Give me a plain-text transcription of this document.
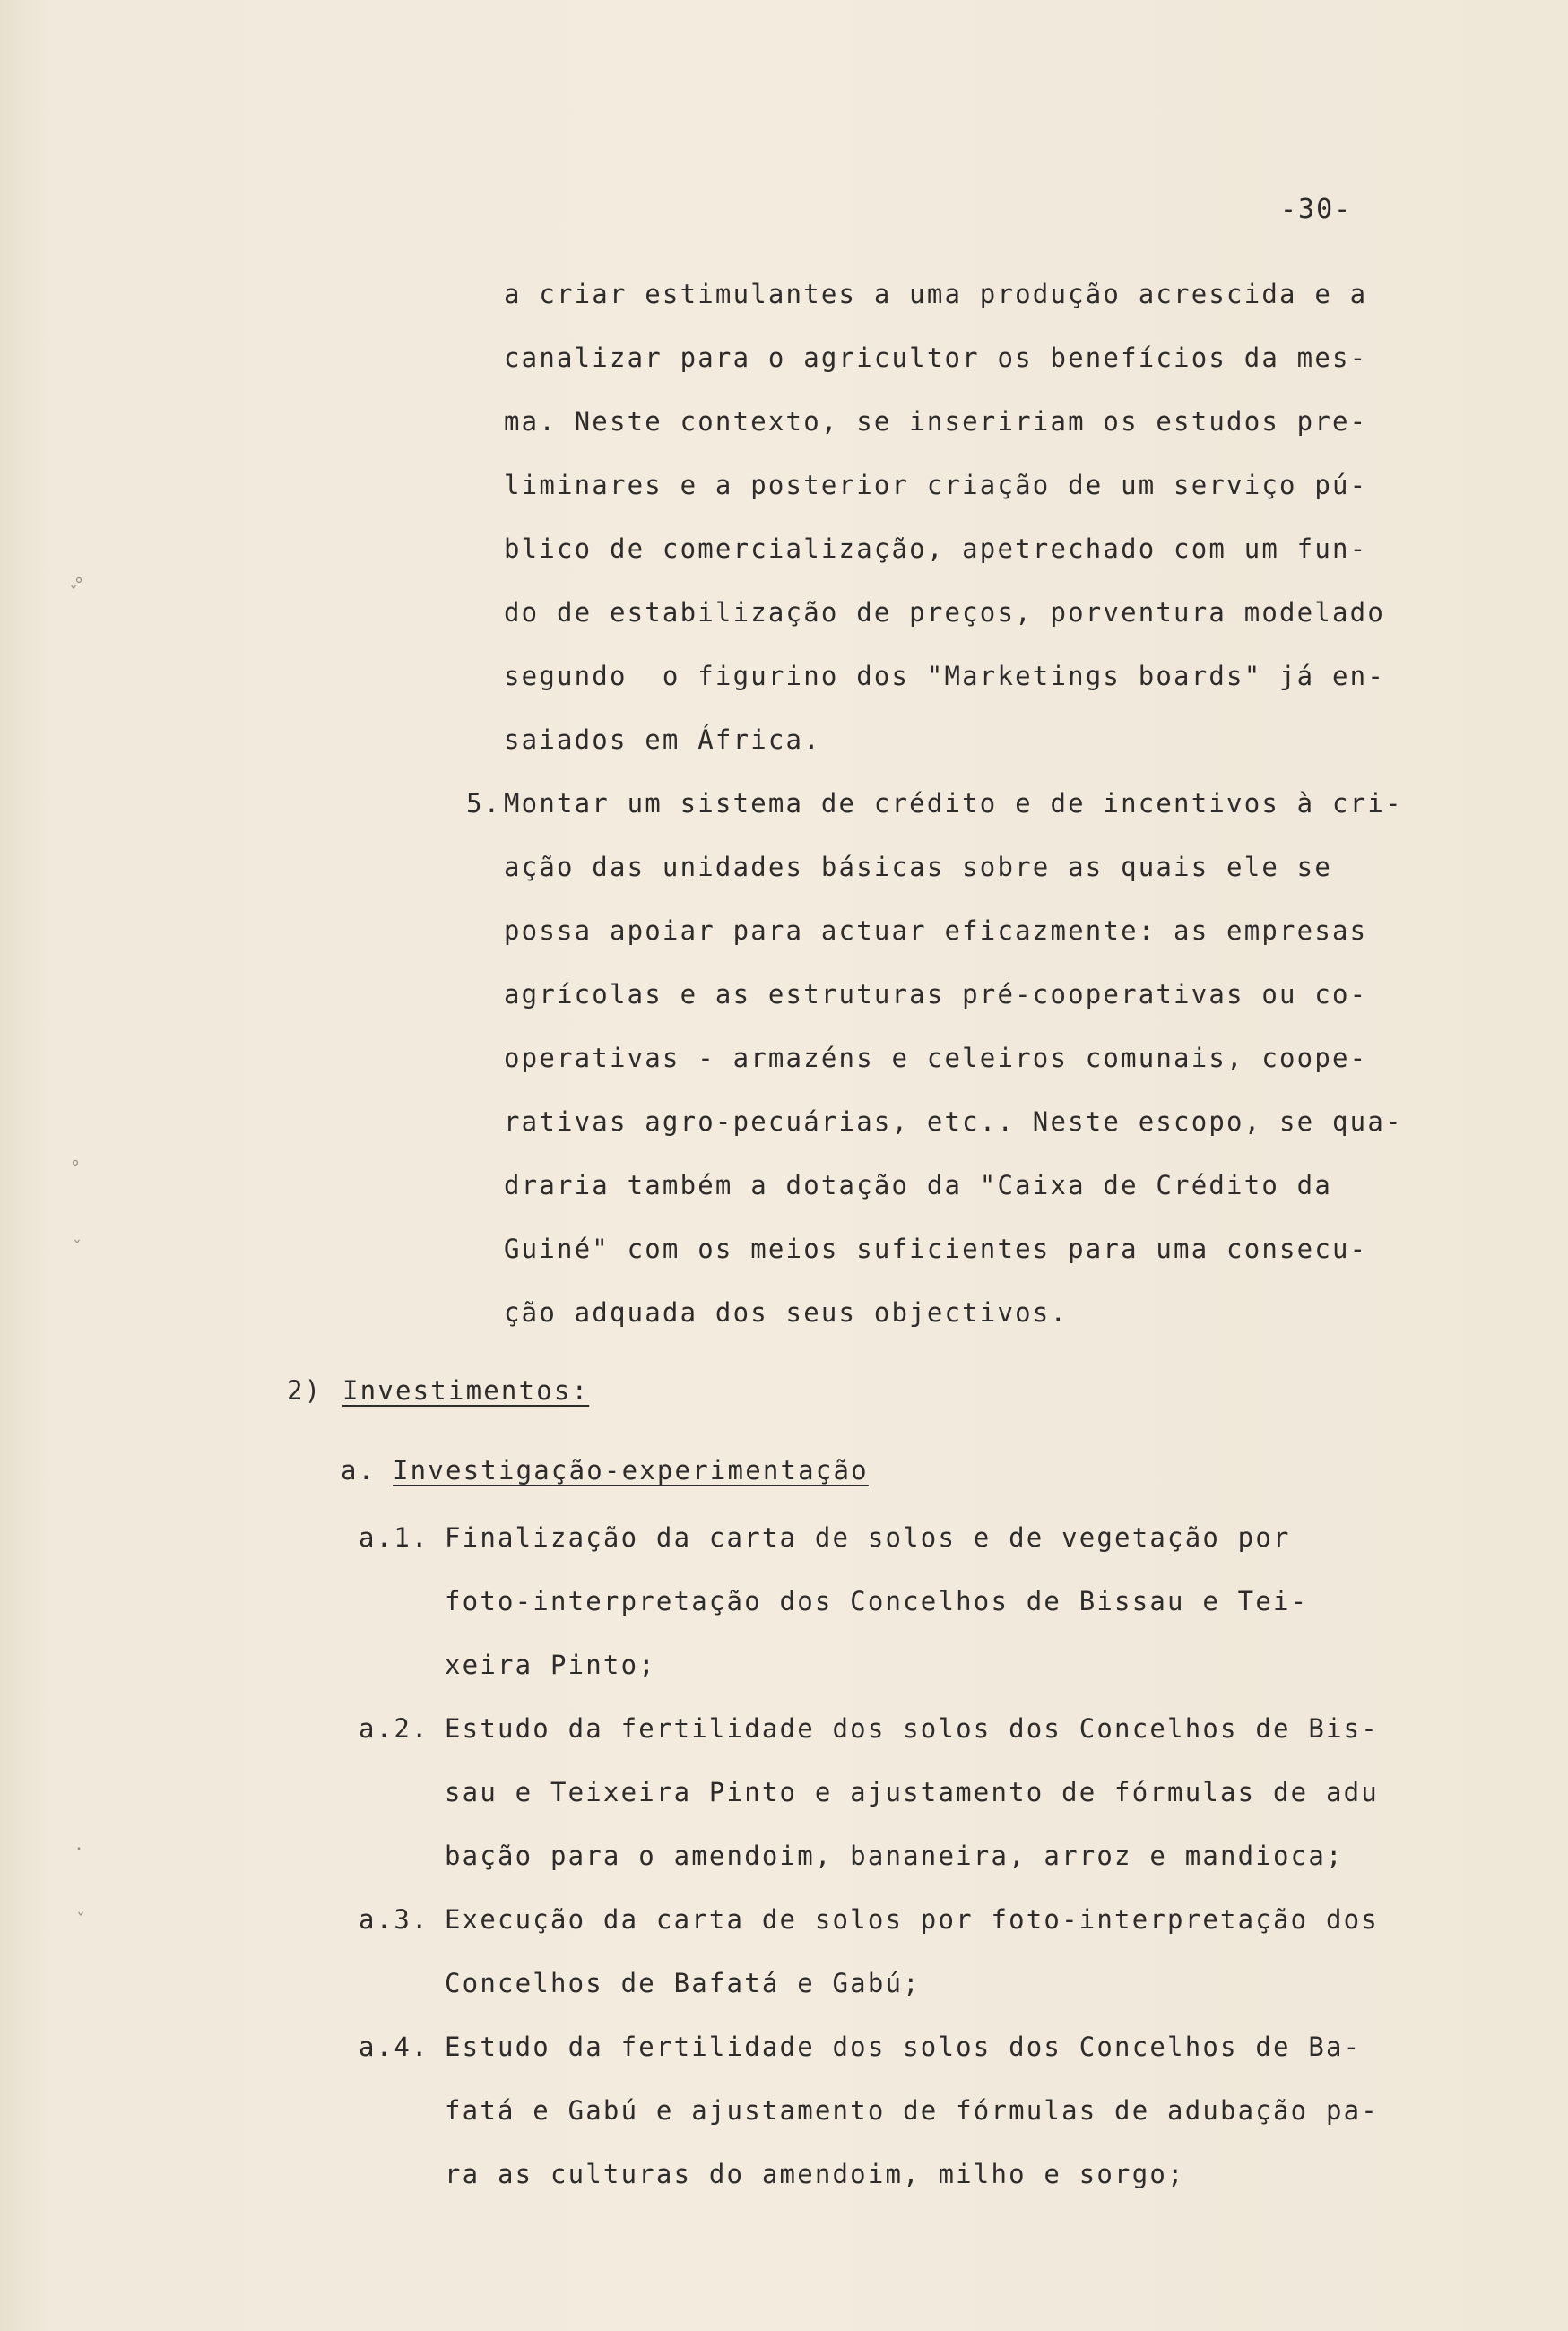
°
ˇ
°
ˇ
·
ˇ
-30-
a criar estimulantes a uma produção acrescida e a
canalizar para o agricultor os benefícios da mes-
ma. Neste contexto, se inseririam os estudos pre-
liminares e a posterior criação de um serviço pú-
blico de comercialização, apetrechado com um fun-
do de estabilização de preços, porventura modelado
segundo  o figurino dos "Marketings boards" já en-
saiados em África.
5. Montar um sistema de crédito e de incentivos à cri-
ação das unidades básicas sobre as quais ele se
possa apoiar para actuar eficazmente: as empresas
agrícolas e as estruturas pré-cooperativas ou co-
operativas - armazéns e celeiros comunais, coope-
rativas agro-pecuárias, etc.. Neste escopo, se qua-
draria também a dotação da "Caixa de Crédito da
Guiné" com os meios suficientes para uma consecu-
ção adquada dos seus objectivos.
2) Investimentos:
a. Investigação-experimentação
a.1. Finalização da carta de solos e de vegetação por
foto-interpretação dos Concelhos de Bissau e Tei-
xeira Pinto;
a.2. Estudo da fertilidade dos solos dos Concelhos de Bis-
sau e Teixeira Pinto e ajustamento de fórmulas de adu
bação para o amendoim, bananeira, arroz e mandioca;
a.3. Execução da carta de solos por foto-interpretação dos
Concelhos de Bafatá e Gabú;
a.4. Estudo da fertilidade dos solos dos Concelhos de Ba-
fatá e Gabú e ajustamento de fórmulas de adubação pa-
ra as culturas do amendoim, milho e sorgo;
